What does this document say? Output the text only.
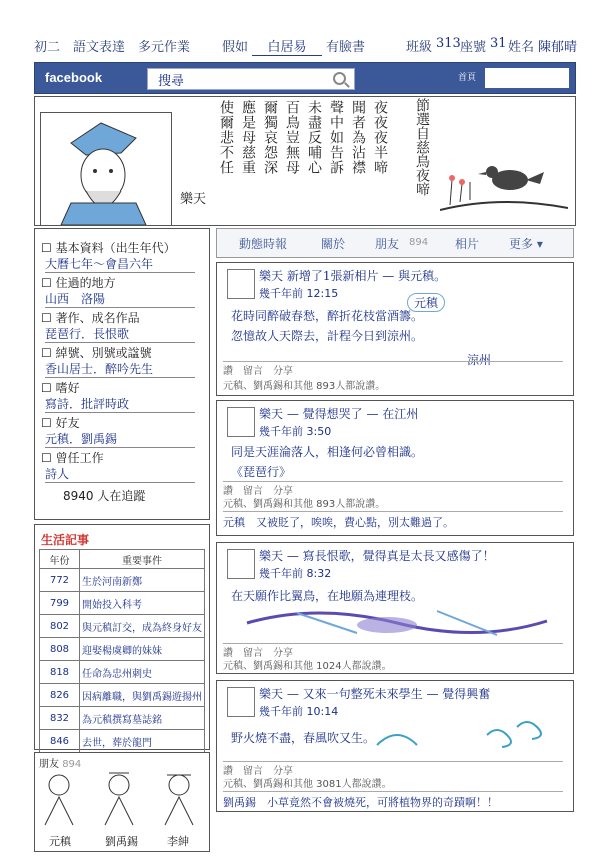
初二　語文表達　多元作業 假如	白居易	有臉書	班級 313 座號 31 姓名 陳郁晴
facebook	搜尋	首頁
節選自慈鳥夜啼
夜夜夜半啼
聞者為沾襟
聲中如告訴
未盡反哺心
百鳥豈無母
爾獨哀怨深
應是母慈重
使爾悲不任
樂天
動態時報	關於 朋友 894 相片 更多 ▾
☐ 基本資料（出生年代）
大曆七年～會昌六年
☐ 住過的地方
山西　洛陽
☐ 著作、成名作品
琵琶行．長恨歌
☐ 綽號、別號或諡號
香山居士．醉吟先生
☐ 嗜好
寫詩．批評時政
☐ 好友
元稹．劉禹錫
☐ 曾任工作
詩人
8940 人在追蹤
生活記事
年份	重要事件
772	生於河南新鄭
799	開始投入科考
802	與元稹訂交，成為終身好友
808	迎娶楊虞卿的妹妹
818	任命為忠州刺史
826	因病離職，與劉禹錫遊揚州
832	為元稹撰寫墓誌銘
846	去世，葬於龍門
朋友 894
元稹	劉禹錫	李紳
樂天 新增了1張新相片 — 與元稹。
幾千年前 12:15
花時同醉破春愁，醉折花枝當酒籌。
忽憶故人天際去，計程今日到涼州。
元稹
涼州
讚　留言　分享
元稹、劉禹錫和其他 893人都說讚。
樂天 — 覺得想哭了 — 在江州
幾千年前 3:50
同是天涯淪落人，相逢何必曾相識。
《琵琶行》
讚　留言　分享
元稹、劉禹錫和其他 893人都說讚。
元稹　 又被貶了，唉唉，費心點，別太難過了。
樂天 — 寫長恨歌，覺得真是太長又感傷了！
幾千年前 8:32
在天願作比翼鳥，在地願為連理枝。
讚　留言　分享
元稹、劉禹錫和其他 1024人都說讚。
樂天 — 又來一句整死未來學生 — 覺得興奮
幾千年前 10:14
野火燒不盡，春風吹又生。
讚　留言　分享
元稹、劉禹錫和其他 3081人都說讚。
劉禹錫　 小草竟然不會被燒死，可將植物界的奇蹟啊！！
